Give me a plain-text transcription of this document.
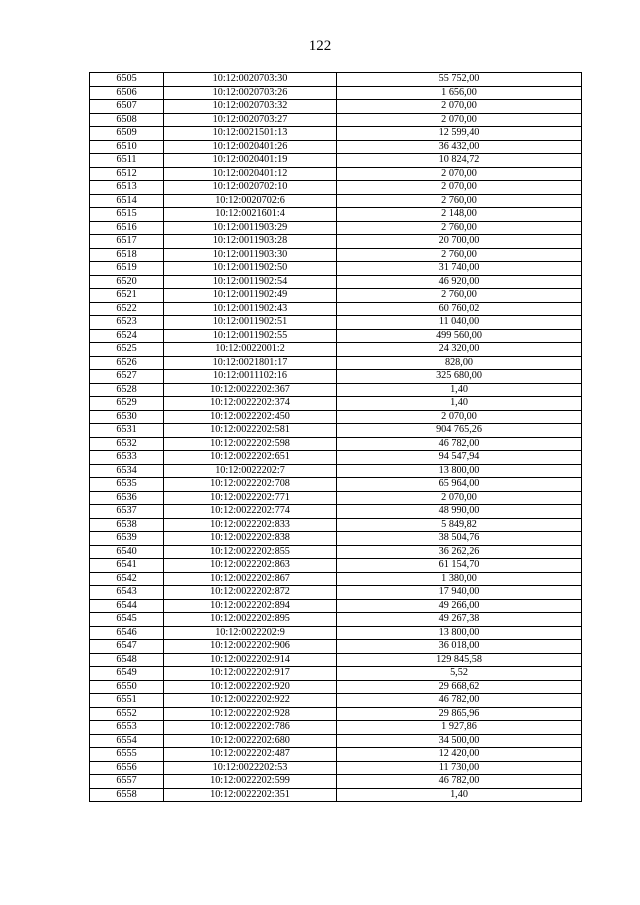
122
6505	10:12:0020703:30	55 752,00
6506	10:12:0020703:26	1 656,00
6507	10:12:0020703:32	2 070,00
6508	10:12:0020703:27	2 070,00
6509	10:12:0021501:13	12 599,40
6510	10:12:0020401:26	36 432,00
6511	10:12:0020401:19	10 824,72
6512	10:12:0020401:12	2 070,00
6513	10:12:0020702:10	2 070,00
6514	10:12:0020702:6	2 760,00
6515	10:12:0021601:4	2 148,00
6516	10:12:0011903:29	2 760,00
6517	10:12:0011903:28	20 700,00
6518	10:12:0011903:30	2 760,00
6519	10:12:0011902:50	31 740,00
6520	10:12:0011902:54	46 920,00
6521	10:12:0011902:49	2 760,00
6522	10:12:0011902:43	60 760,02
6523	10:12:0011902:51	11 040,00
6524	10:12:0011902:55	499 560,00
6525	10:12:0022001:2	24 320,00
6526	10:12:0021801:17	828,00
6527	10:12:0011102:16	325 680,00
6528	10:12:0022202:367	1,40
6529	10:12:0022202:374	1,40
6530	10:12:0022202:450	2 070,00
6531	10:12:0022202:581	904 765,26
6532	10:12:0022202:598	46 782,00
6533	10:12:0022202:651	94 547,94
6534	10:12:0022202:7	13 800,00
6535	10:12:0022202:708	65 964,00
6536	10:12:0022202:771	2 070,00
6537	10:12:0022202:774	48 990,00
6538	10:12:0022202:833	5 849,82
6539	10:12:0022202:838	38 504,76
6540	10:12:0022202:855	36 262,26
6541	10:12:0022202:863	61 154,70
6542	10:12:0022202:867	1 380,00
6543	10:12:0022202:872	17 940,00
6544	10:12:0022202:894	49 266,00
6545	10:12:0022202:895	49 267,38
6546	10:12:0022202:9	13 800,00
6547	10:12:0022202:906	36 018,00
6548	10:12:0022202:914	129 845,58
6549	10:12:0022202:917	5,52
6550	10:12:0022202:920	29 668,62
6551	10:12:0022202:922	46 782,00
6552	10:12:0022202:928	29 865,96
6553	10:12:0022202:786	1 927,86
6554	10:12:0022202:680	34 500,00
6555	10:12:0022202:487	12 420,00
6556	10:12:0022202:53	11 730,00
6557	10:12:0022202:599	46 782,00
6558	10:12:0022202:351	1,40
